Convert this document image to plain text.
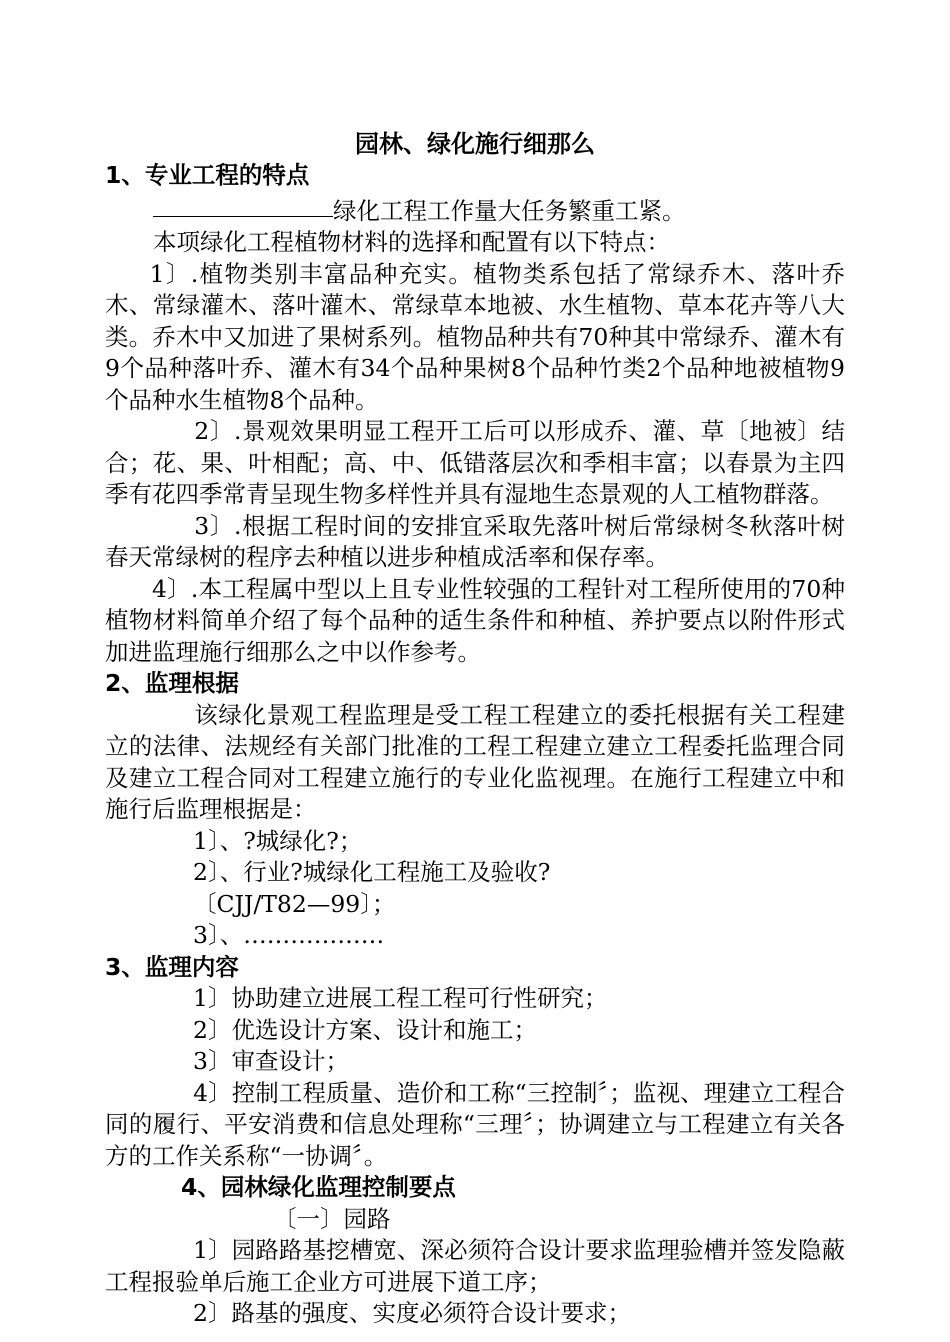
园林、绿化施行细那么

1、专业工程的特点

绿化工程工作量大任务繁重工紧。

本项绿化工程植物材料的选择和配置有以下特点：

1〕.植物类别丰富品种充实。植物类系包括了常绿乔木、落叶乔木、常绿灌木、落叶灌木、常绿草本地被、水生植物、草本花卉等八大类。乔木中又加进了果树系列。植物品种共有70种其中常绿乔、灌木有9个品种落叶乔、灌木有34个品种果树8个品种竹类2个品种地被植物9个品种水生植物8个品种。

2〕.景观效果明显工程开工后可以形成乔、灌、草〔地被〕结合；花、果、叶相配；高、中、低错落层次和季相丰富；以春景为主四季有花四季常青呈现生物多样性并具有湿地生态景观的人工植物群落。

3〕.根据工程时间的安排宜采取先落叶树后常绿树冬秋落叶树春天常绿树的程序去种植以进步种植成活率和保存率。

4〕.本工程属中型以上且专业性较强的工程针对工程所使用的70种植物材料简单介绍了每个品种的适生条件和种植、养护要点以附件形式加进监理施行细那么之中以作参考。

2、监理根据

该绿化景观工程监理是受工程工程建立的委托根据有关工程建立的法律、法规经有关部门批准的工程工程建立建立工程委托监理合同及建立工程合同对工程建立施行的专业化监视理。在施行工程建立中和施行后监理根据是：

1〕、?城绿化?；

2〕、行业?城绿化工程施工及验收?

〔CJJ/T82—99〕；

3〕、………………

3、监理内容

1〕协助建立进展工程工程可行性研究；

2〕优选设计方案、设计和施工；

3〕审查设计；

4〕控制工程质量、造价和工称“三控制〞；监视、理建立工程合同的履行、平安消费和信息处理称“三理〞；协调建立与工程建立有关各方的工作关系称“一协调〞。

4、园林绿化监理控制要点

〔一〕园路

1〕园路路基挖槽宽、深必须符合设计要求监理验槽并签发隐蔽工程报验单后施工企业方可进展下道工序；

2〕路基的强度、实度必须符合设计要求；
